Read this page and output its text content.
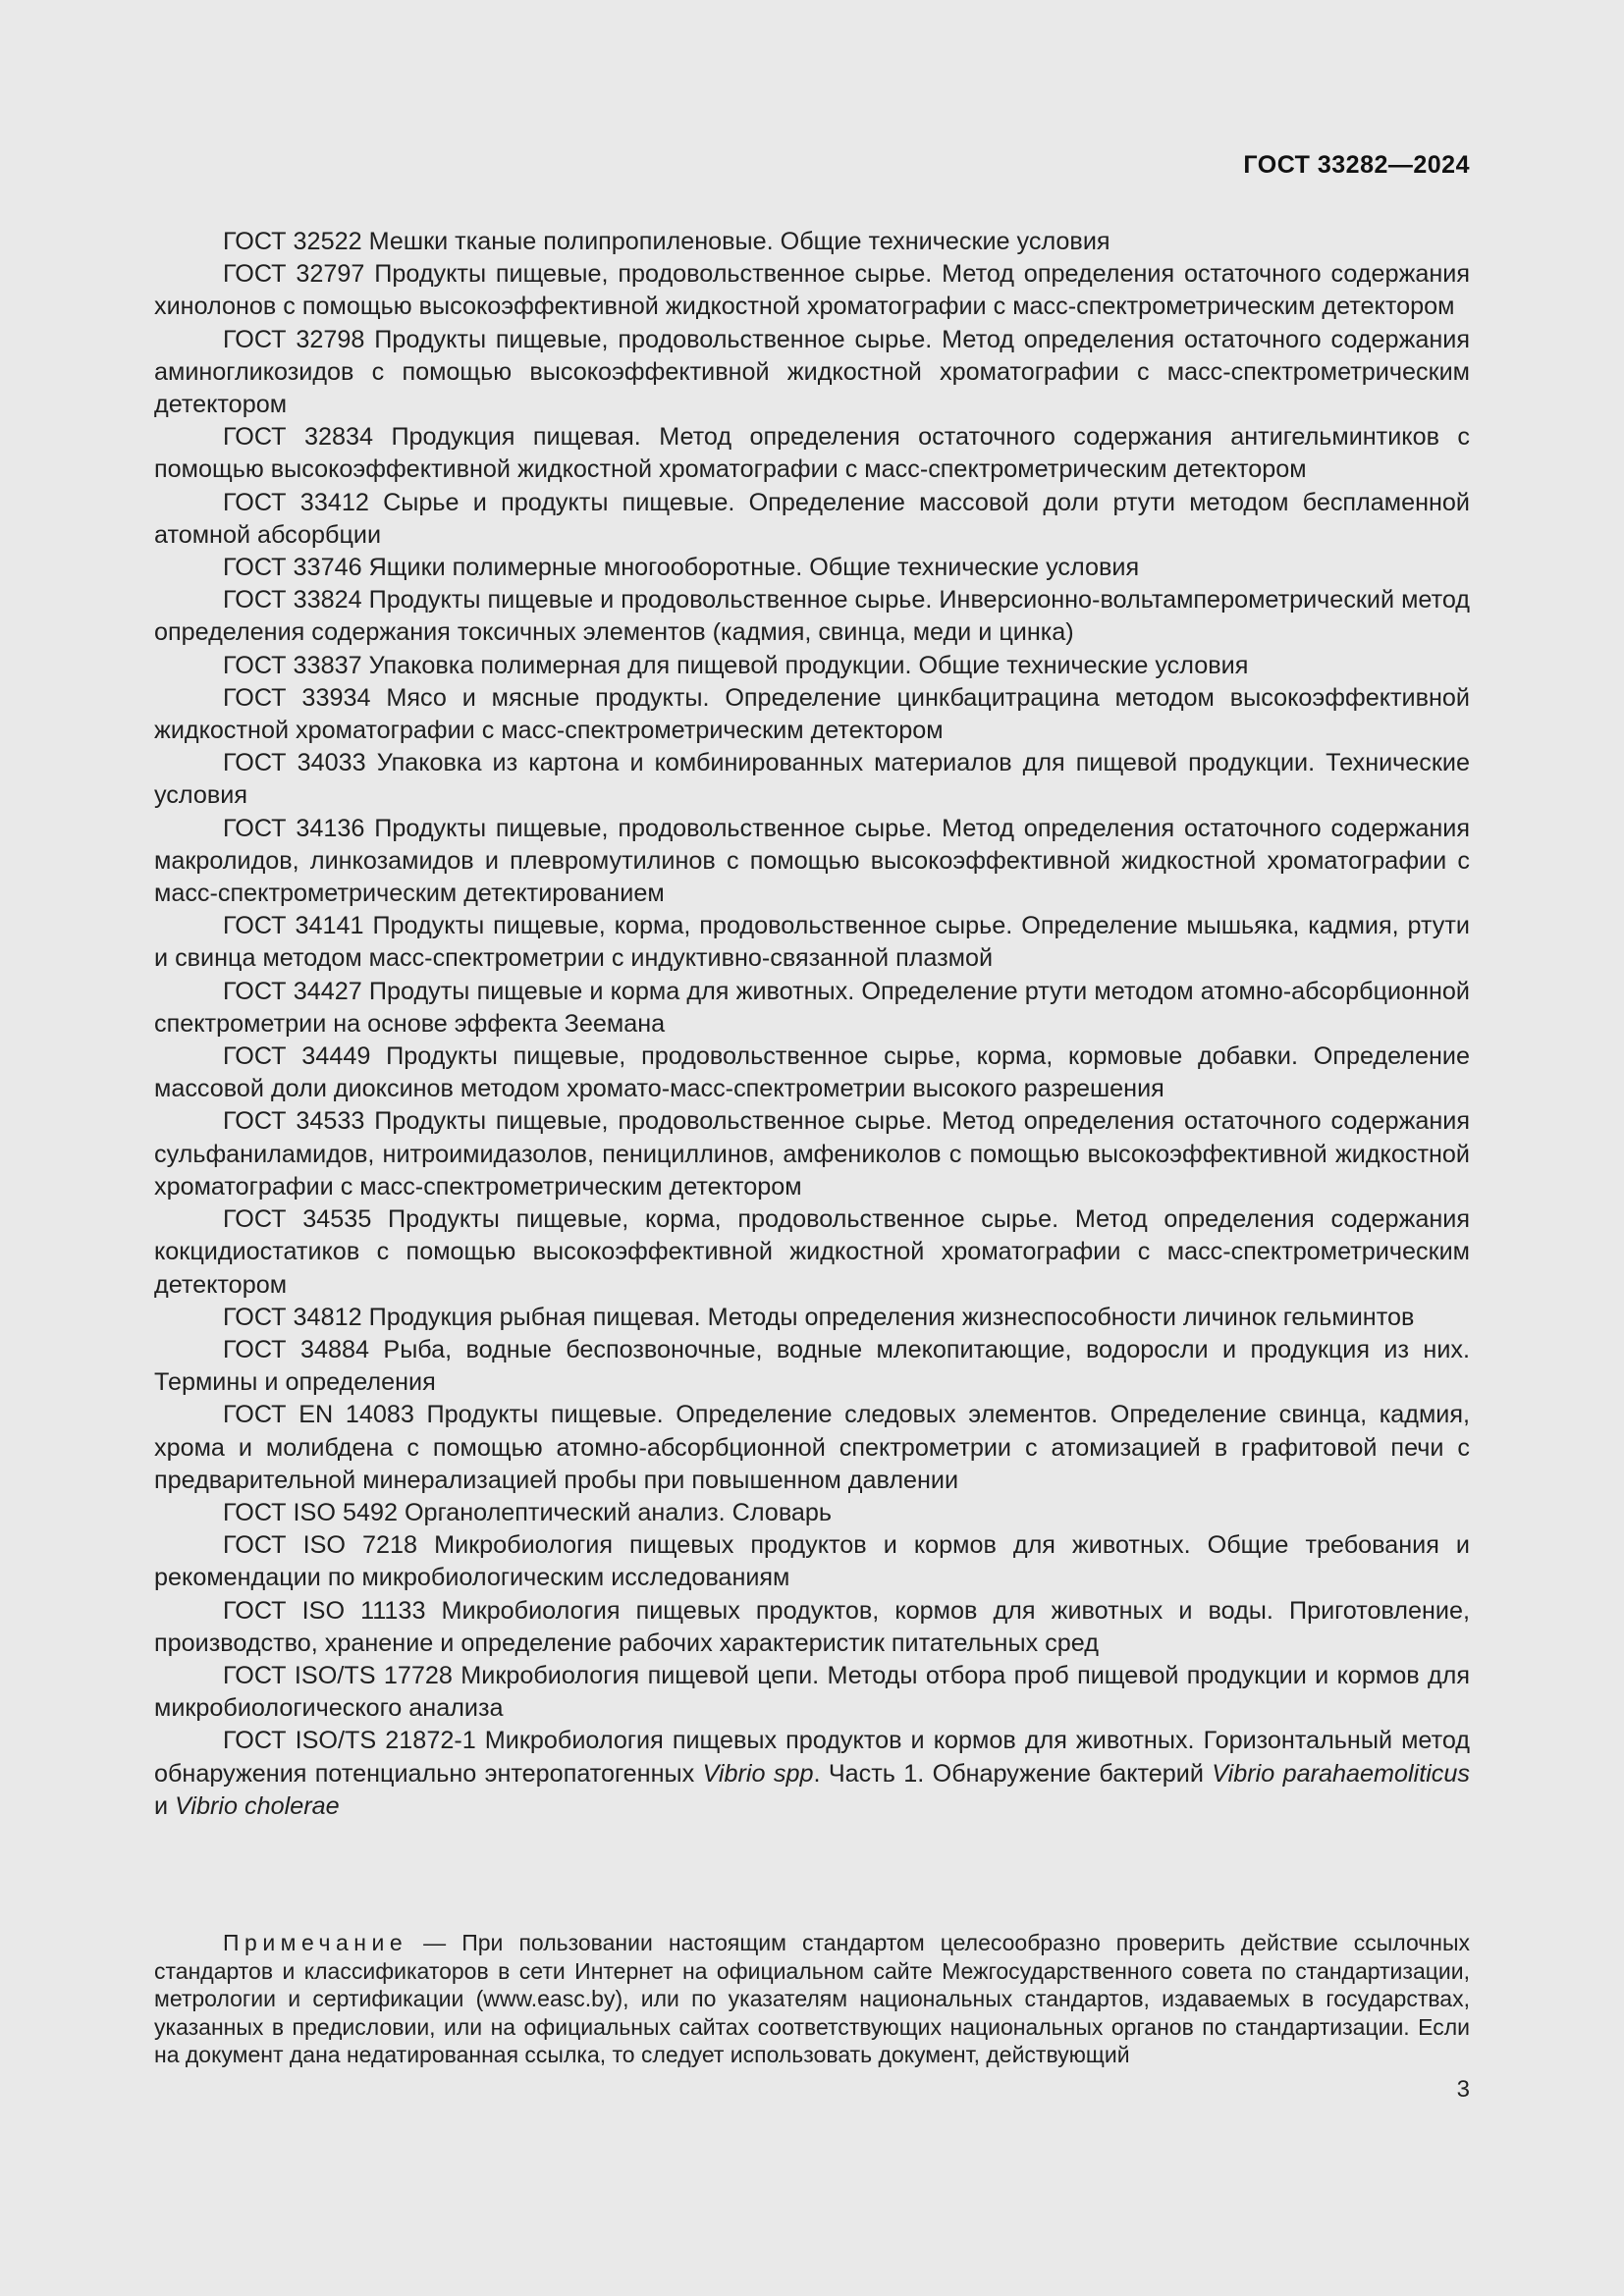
ГОСТ 33282—2024

ГОСТ 32522 Мешки тканые полипропиленовые. Общие технические условия

ГОСТ 32797 Продукты пищевые, продовольственное сырье. Метод определения остаточного содержания хинолонов с помощью высокоэффективной жидкостной хроматографии с масс-спектрометрическим детектором

ГОСТ 32798 Продукты пищевые, продовольственное сырье. Метод определения остаточного содержания аминогликозидов с помощью высокоэффективной жидкостной хроматографии с масс-спектрометрическим детектором

ГОСТ 32834 Продукция пищевая. Метод определения остаточного содержания антигельминтиков с помощью высокоэффективной жидкостной хроматографии с масс-спектрометрическим детектором

ГОСТ 33412 Сырье и продукты пищевые. Определение массовой доли ртути методом беспламенной атомной абсорбции

ГОСТ 33746 Ящики полимерные многооборотные. Общие технические условия

ГОСТ 33824 Продукты пищевые и продовольственное сырье. Инверсионно-вольтамперометрический метод определения содержания токсичных элементов (кадмия, свинца, меди и цинка)

ГОСТ 33837 Упаковка полимерная для пищевой продукции. Общие технические условия

ГОСТ 33934 Мясо и мясные продукты. Определение цинкбацитрацина методом высокоэффективной жидкостной хроматографии с масс-спектрометрическим детектором

ГОСТ 34033 Упаковка из картона и комбинированных материалов для пищевой продукции. Технические условия

ГОСТ 34136 Продукты пищевые, продовольственное сырье. Метод определения остаточного содержания макролидов, линкозамидов и плевромутилинов с помощью высокоэффективной жидкостной хроматографии с масс-спектрометрическим детектированием

ГОСТ 34141 Продукты пищевые, корма, продовольственное сырье. Определение мышьяка, кадмия, ртути и свинца методом масс-спектрометрии с индуктивно-связанной плазмой

ГОСТ 34427 Продуты пищевые и корма для животных. Определение ртути методом атомно-абсорбционной спектрометрии на основе эффекта Зеемана

ГОСТ 34449 Продукты пищевые, продовольственное сырье, корма, кормовые добавки. Определение массовой доли диоксинов методом хромато-масс-спектрометрии высокого разрешения

ГОСТ 34533 Продукты пищевые, продовольственное сырье. Метод определения остаточного содержания сульфаниламидов, нитроимидазолов, пенициллинов, амфениколов с помощью высокоэффективной жидкостной хроматографии с масс-спектрометрическим детектором

ГОСТ 34535 Продукты пищевые, корма, продовольственное сырье. Метод определения содержания кокцидиостатиков с помощью высокоэффективной жидкостной хроматографии с масс-спектрометрическим детектором

ГОСТ 34812 Продукция рыбная пищевая. Методы определения жизнеспособности личинок гельминтов

ГОСТ 34884 Рыба, водные беспозвоночные, водные млекопитающие, водоросли и продукция из них. Термины и определения

ГОСТ EN 14083 Продукты пищевые. Определение следовых элементов. Определение свинца, кадмия, хрома и молибдена с помощью атомно-абсорбционной спектрометрии с атомизацией в графитовой печи с предварительной минерализацией пробы при повышенном давлении

ГОСТ ISO 5492 Органолептический анализ. Словарь

ГОСТ ISO 7218 Микробиология пищевых продуктов и кормов для животных. Общие требования и рекомендации по микробиологическим исследованиям

ГОСТ ISO 11133 Микробиология пищевых продуктов, кормов для животных и воды. Приготовление, производство, хранение и определение рабочих характеристик питательных сред

ГОСТ ISO/TS 17728 Микробиология пищевой цепи. Методы отбора проб пищевой продукции и кормов для микробиологического анализа

ГОСТ ISO/TS 21872-1 Микробиология пищевых продуктов и кормов для животных. Горизонтальный метод обнаружения потенциально энтеропатогенных Vibrio spp. Часть 1. Обнаружение бактерий Vibrio parahaemoliticus и Vibrio cholerae

Примечание — При пользовании настоящим стандартом целесообразно проверить действие ссылочных стандартов и классификаторов в сети Интернет на официальном сайте Межгосударственного совета по стандартизации, метрологии и сертификации (www.easc.by), или по указателям национальных стандартов, издаваемых в государствах, указанных в предисловии, или на официальных сайтах соответствующих национальных органов по стандартизации. Если на документ дана недатированная ссылка, то следует использовать документ, действующий

3
